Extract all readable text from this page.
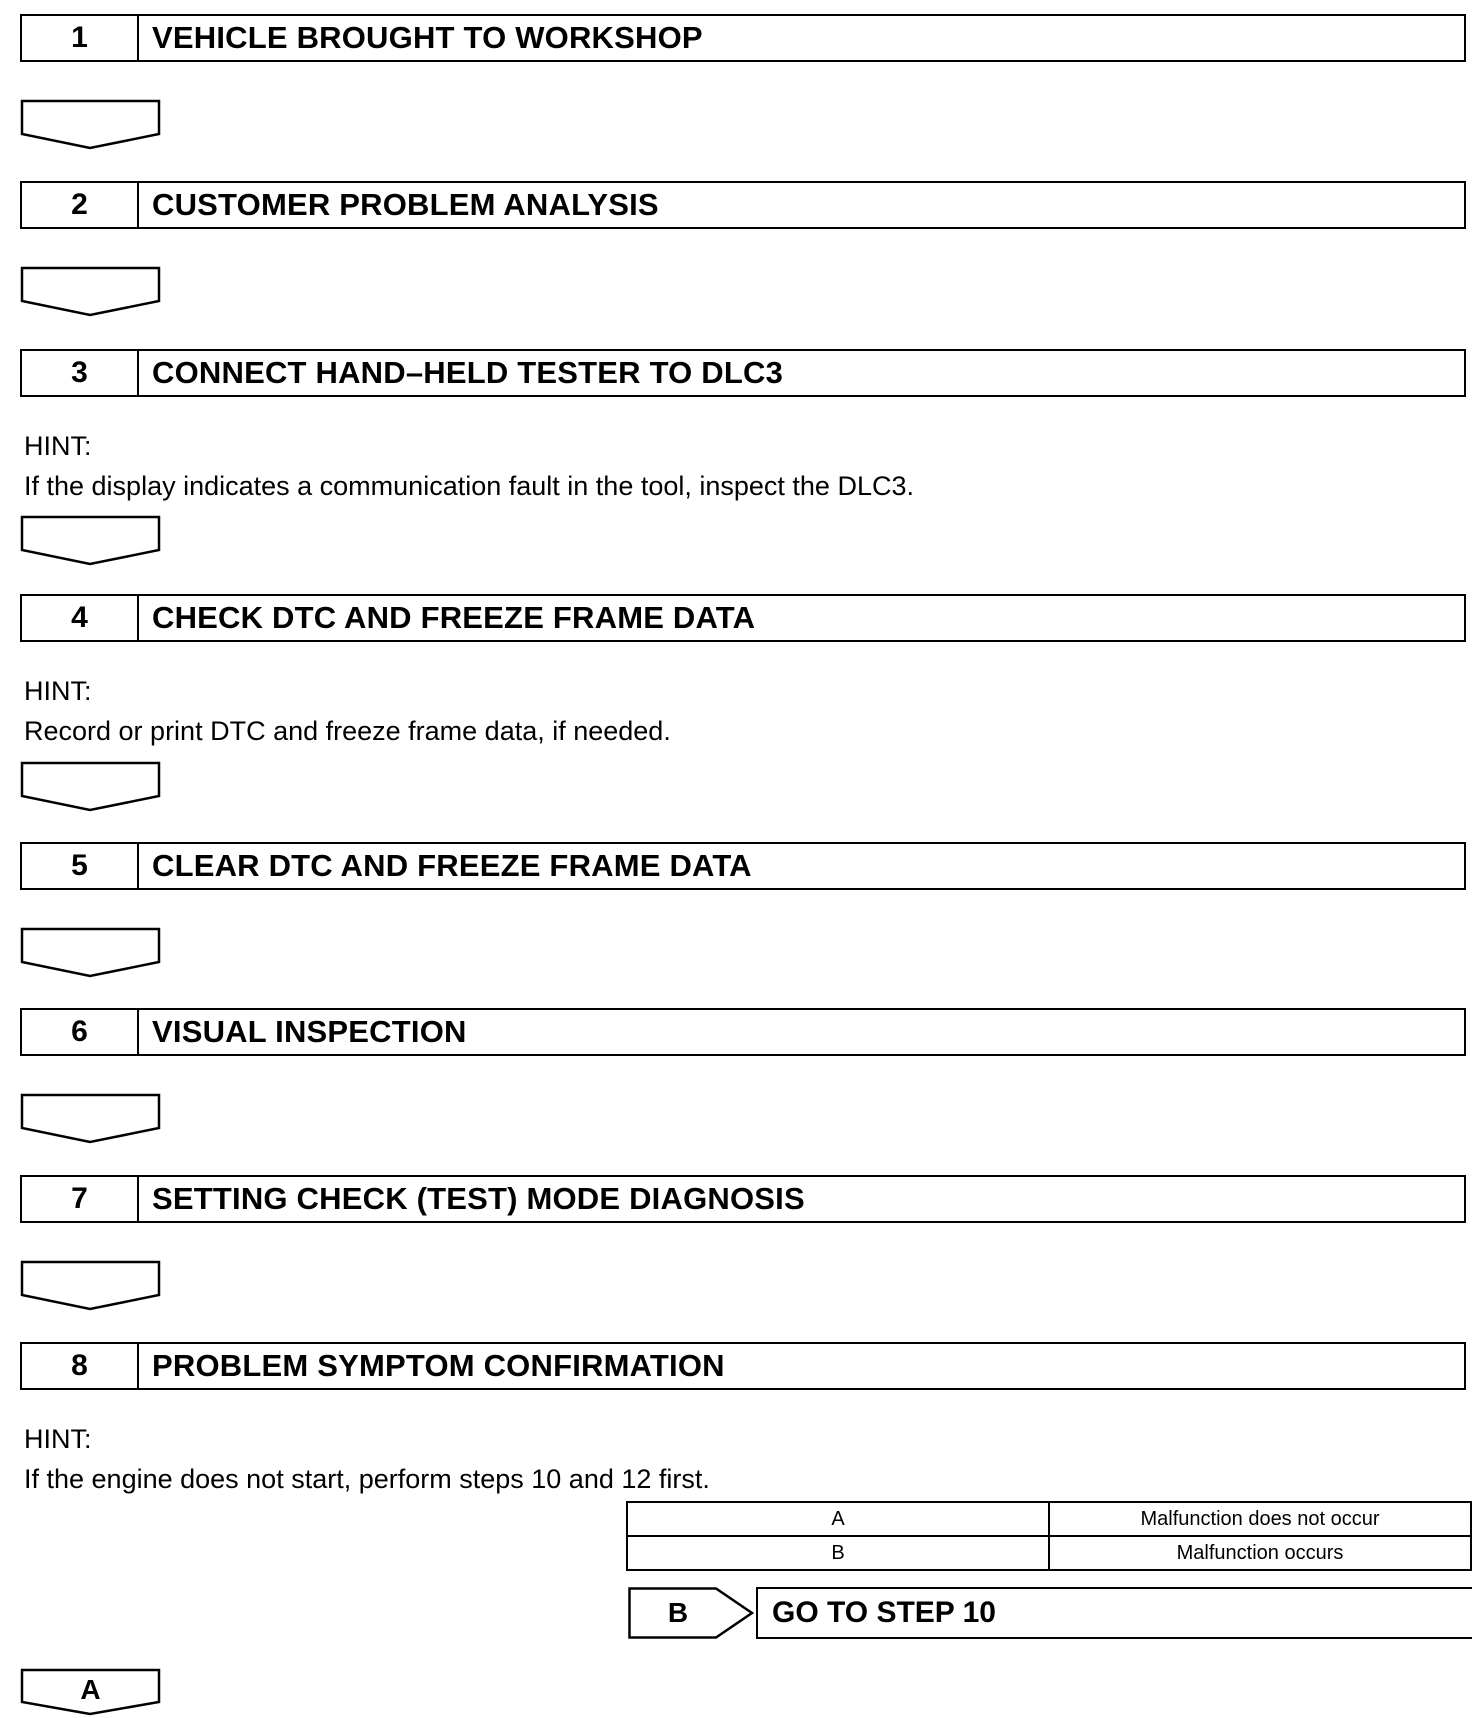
1	VEHICLE BROUGHT TO WORKSHOP
2	CUSTOMER PROBLEM ANALYSIS
3	CONNECT HAND–HELD TESTER TO DLC3
HINT:
If the display indicates a communication fault in the tool, inspect the DLC3.
4	CHECK DTC AND FREEZE FRAME DATA
HINT:
Record or print DTC and freeze frame data, if needed.
5	CLEAR DTC AND FREEZE FRAME DATA
6	VISUAL INSPECTION
7	SETTING CHECK (TEST) MODE DIAGNOSIS
8	PROBLEM SYMPTOM CONFIRMATION
HINT:
If the engine does not start, perform steps 10 and 12 first.
A	Malfunction does not occur
B	Malfunction occurs
B	GO TO STEP 10
A
